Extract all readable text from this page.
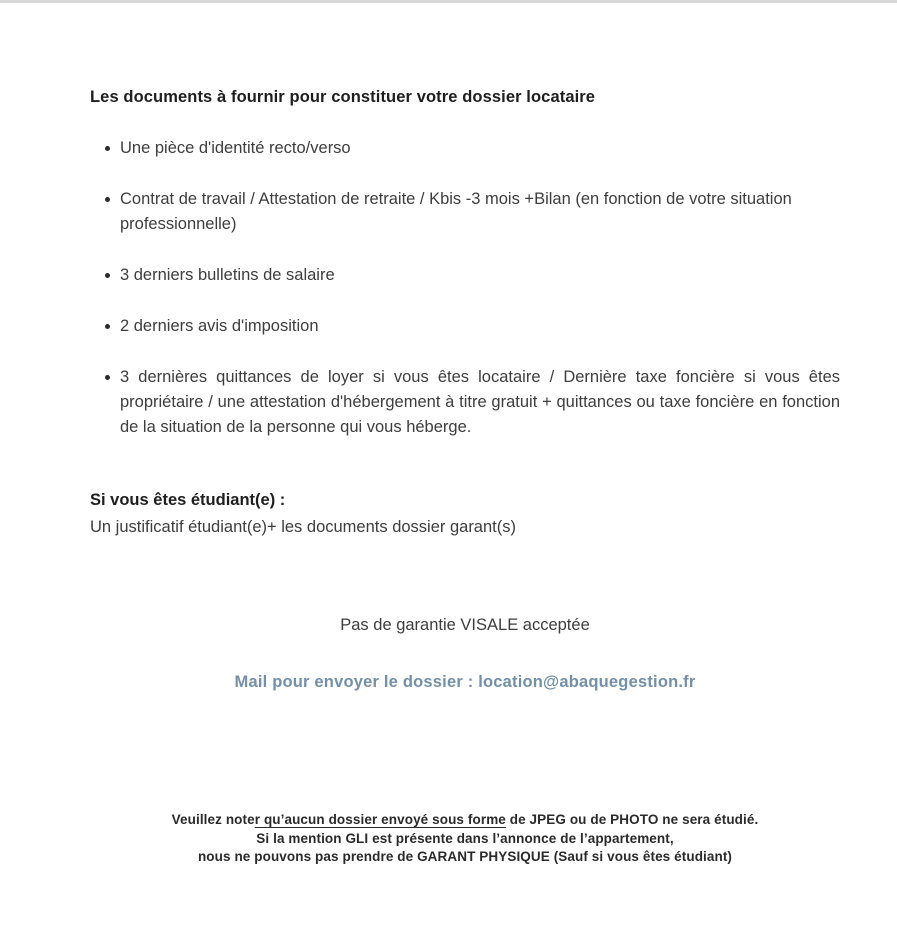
Les documents à fournir pour constituer votre dossier locataire
Une pièce d'identité recto/verso
Contrat de travail / Attestation de retraite / Kbis -3 mois +Bilan (en fonction de votre situation professionnelle)
3 derniers bulletins de salaire
2 derniers avis d'imposition
3 dernières quittances de loyer si vous êtes locataire / Dernière taxe foncière si vous êtes propriétaire / une attestation d'hébergement à titre gratuit + quittances ou taxe foncière en fonction de la situation de la personne qui vous héberge.

Si vous êtes étudiant(e) :

Un justificatif étudiant(e)+ les documents dossier garant(s)

Pas de garantie VISALE acceptée

Mail pour envoyer le dossier : location@abaquegestion.fr

Veuillez noter qu’aucun dossier envoyé sous forme de JPEG ou de PHOTO ne sera étudié.

Si la mention GLI est présente dans l’annonce de l’appartement,

nous ne pouvons pas prendre de GARANT PHYSIQUE (Sauf si vous êtes étudiant)
